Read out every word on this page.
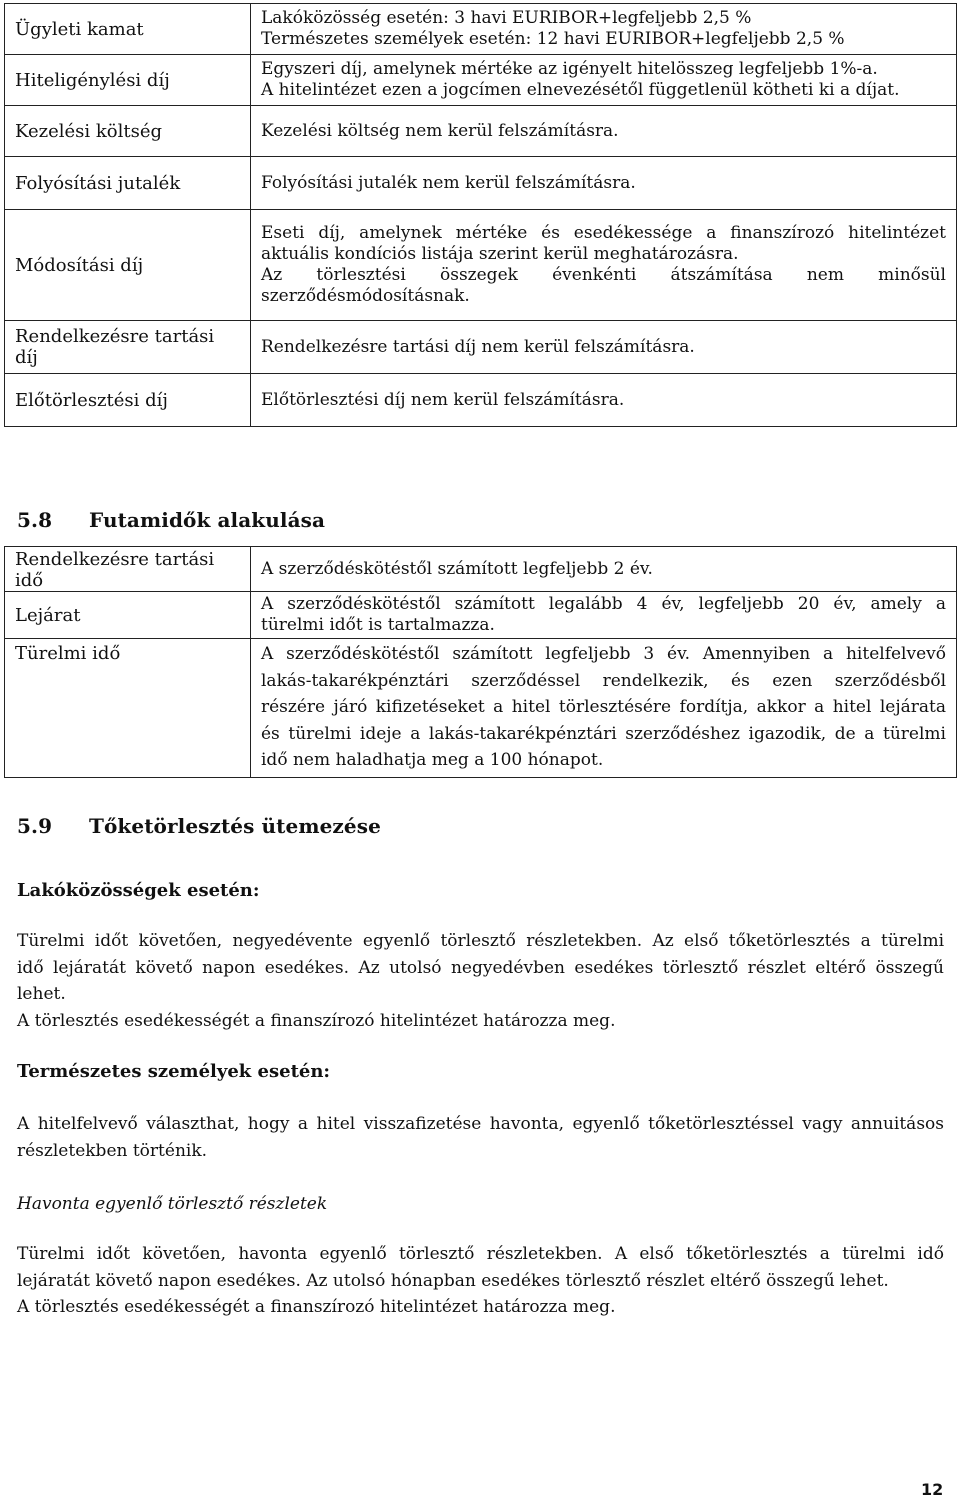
Ügyleti kamat	Lakóközösség esetén: 3 havi EURIBOR+legfeljebb 2,5 %
Természetes személyek esetén: 12 havi EURIBOR+legfeljebb 2,5 %

Hiteligénylési díj	Egyszeri díj, amelynek mértéke az igényelt hitelösszeg legfeljebb 1%-a.
A hitelintézet ezen a jogcímen elnevezésétől függetlenül kötheti ki a díjat.

Kezelési költség	Kezelési költség nem kerül felszámításra.
Folyósítási jutalék	Folyósítási jutalék nem kerül felszámításra.
Módosítási díj	Eseti díj, amelynek mértéke és esedékessége a finanszírozó hitelintézet
aktuális kondíciós listája szerint kerül meghatározásra.
Az törlesztési összegek évenkénti átszámítása nem minősül
szerződésmódosításnak.

Rendelkezésre tartási díj	Rendelkezésre tartási díj nem kerül felszámításra.
Előtörlesztési díj	Előtörlesztési díj nem kerül felszámításra.
5.8 Futamidők alakulása
Rendelkezésre tartási idő	A szerződéskötéstől számított legfeljebb 2 év.
Lejárat	A szerződéskötéstől számított legalább 4 év, legfeljebb 20 év, amely a
türelmi időt is tartalmazza.

Türelmi idő	A szerződéskötéstől számított legfeljebb 3 év. Amennyiben a hitelfelvevő
lakás-takarékpénztári szerződéssel rendelkezik, és ezen szerződésből
részére járó kifizetéseket a hitel törlesztésére fordítja, akkor a hitel lejárata
és türelmi ideje a lakás-takarékpénztári szerződéshez igazodik, de a türelmi
idő nem haladhatja meg a 100 hónapot.
5.9 Tőketörlesztés ütemezése
Lakóközösségek esetén:
Türelmi időt követően, negyedévente egyenlő törlesztő részletekben. Az első tőketörlesztés a türelmi
idő lejáratát követő napon esedékes. Az utolsó negyedévben esedékes törlesztő részlet eltérő összegű
lehet.
A törlesztés esedékességét a finanszírozó hitelintézet határozza meg.
Természetes személyek esetén:
A hitelfelvevő választhat, hogy a hitel visszafizetése havonta, egyenlő tőketörlesztéssel vagy annuitásos
részletekben történik.
Havonta egyenlő törlesztő részletek
Türelmi időt követően, havonta egyenlő törlesztő részletekben. A első tőketörlesztés a türelmi idő
lejáratát követő napon esedékes. Az utolsó hónapban esedékes törlesztő részlet eltérő összegű lehet.
A törlesztés esedékességét a finanszírozó hitelintézet határozza meg.
12
